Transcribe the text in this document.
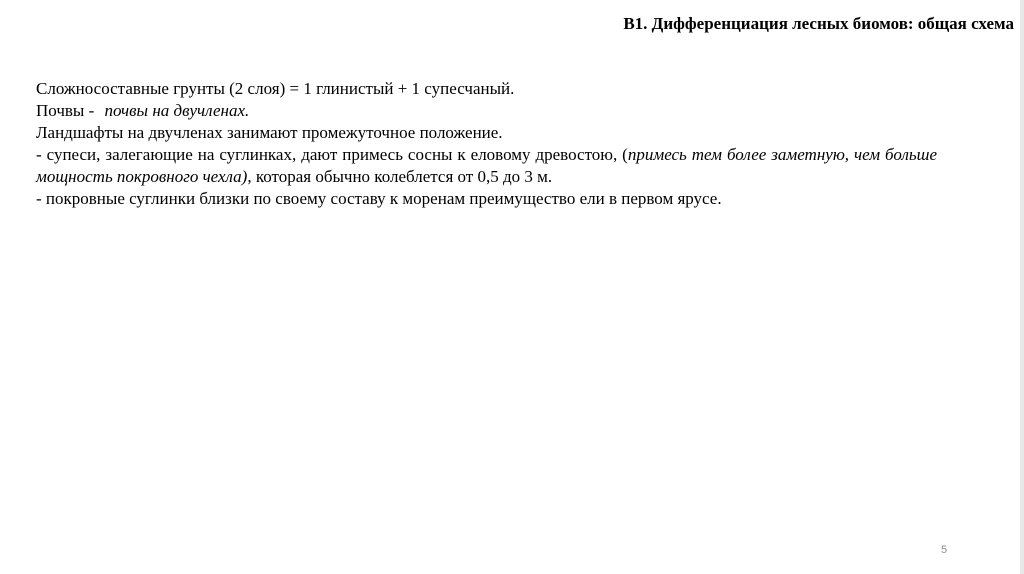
В1. Дифференциация лесных биомов: общая схема

Сложносоставные грунты (2 слоя) = 1 глинистый + 1 супесчаный.

Почвы - почвы на двучленах.

Ландшафты на двучленах занимают промежуточное положение.

- супеси, залегающие на суглинках, дают примесь сосны к еловому древостою, (примесь тем более заметную, чем больше мощность покровного чехла), которая обычно колеблется от 0,5 до 3 м.

- покровные суглинки близки по своему составу к моренам преимущество ели в первом ярусе.

5
